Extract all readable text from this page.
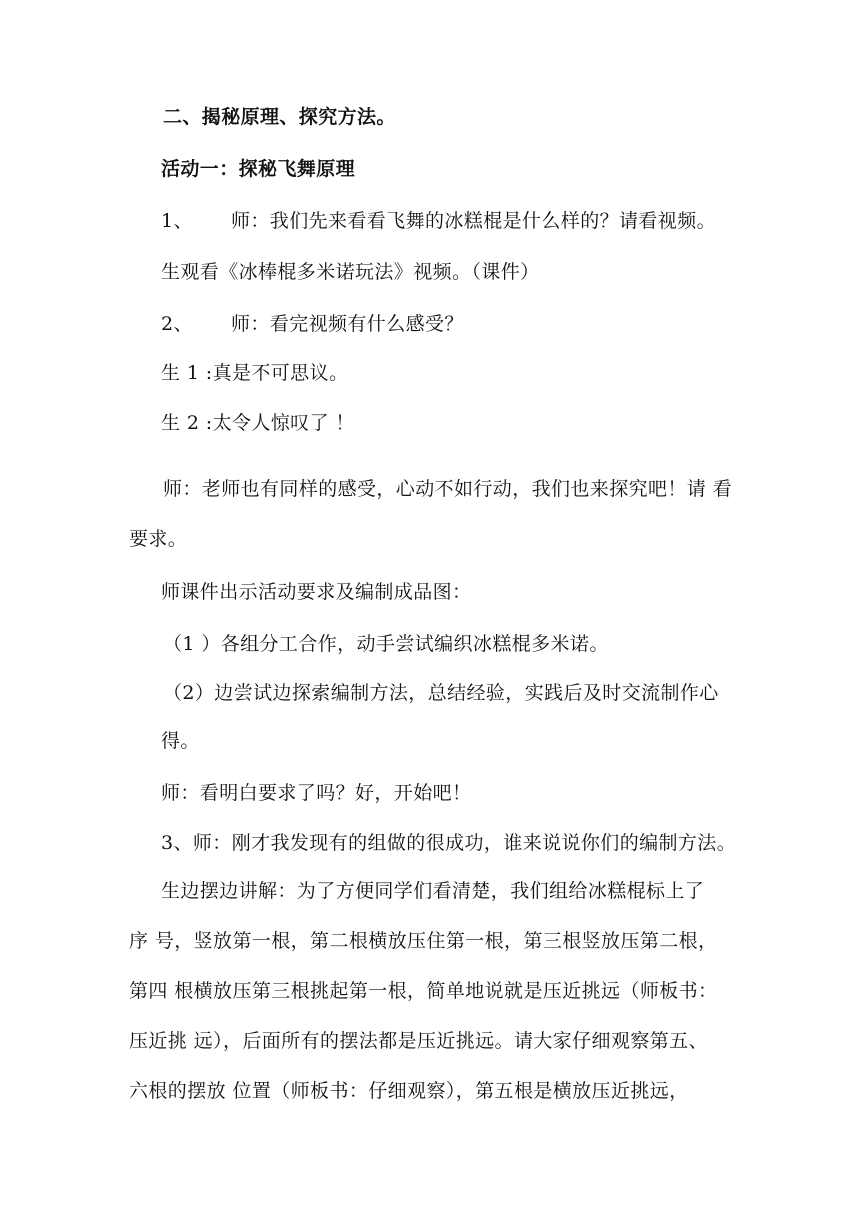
二、揭秘原理、探究方法。
活动一：探秘飞舞原理
1、 师：我们先来看看飞舞的冰糕棍是什么样的？请看视频。
生观看《冰棒棍多米诺玩法》视频。（课件）
2、 师：看完视频有什么感受？
生 1 :真是不可思议。
生 2 :太令人惊叹了 ！
师：老师也有同样的感受，心动不如行动，我们也来探究吧！请 看
要求。
师课件出示活动要求及编制成品图：
（1 ）各组分工合作，动手尝试编织冰糕棍多米诺。
（2）边尝试边探索编制方法，总结经验，实践后及时交流制作心
得。
师：看明白要求了吗？好，开始吧！
3、师：刚才我发现有的组做的很成功，谁来说说你们的编制方法。
生边摆边讲解：为了方便同学们看清楚，我们组给冰糕棍标上了
序 号，竖放第一根，第二根横放压住第一根，第三根竖放压第二根，
第四 根横放压第三根挑起第一根，简单地说就是压近挑远（师板书：
压近挑 远），后面所有的摆法都是压近挑远。请大家仔细观察第五、
六根的摆放 位置（师板书：仔细观察），第五根是横放压近挑远，
